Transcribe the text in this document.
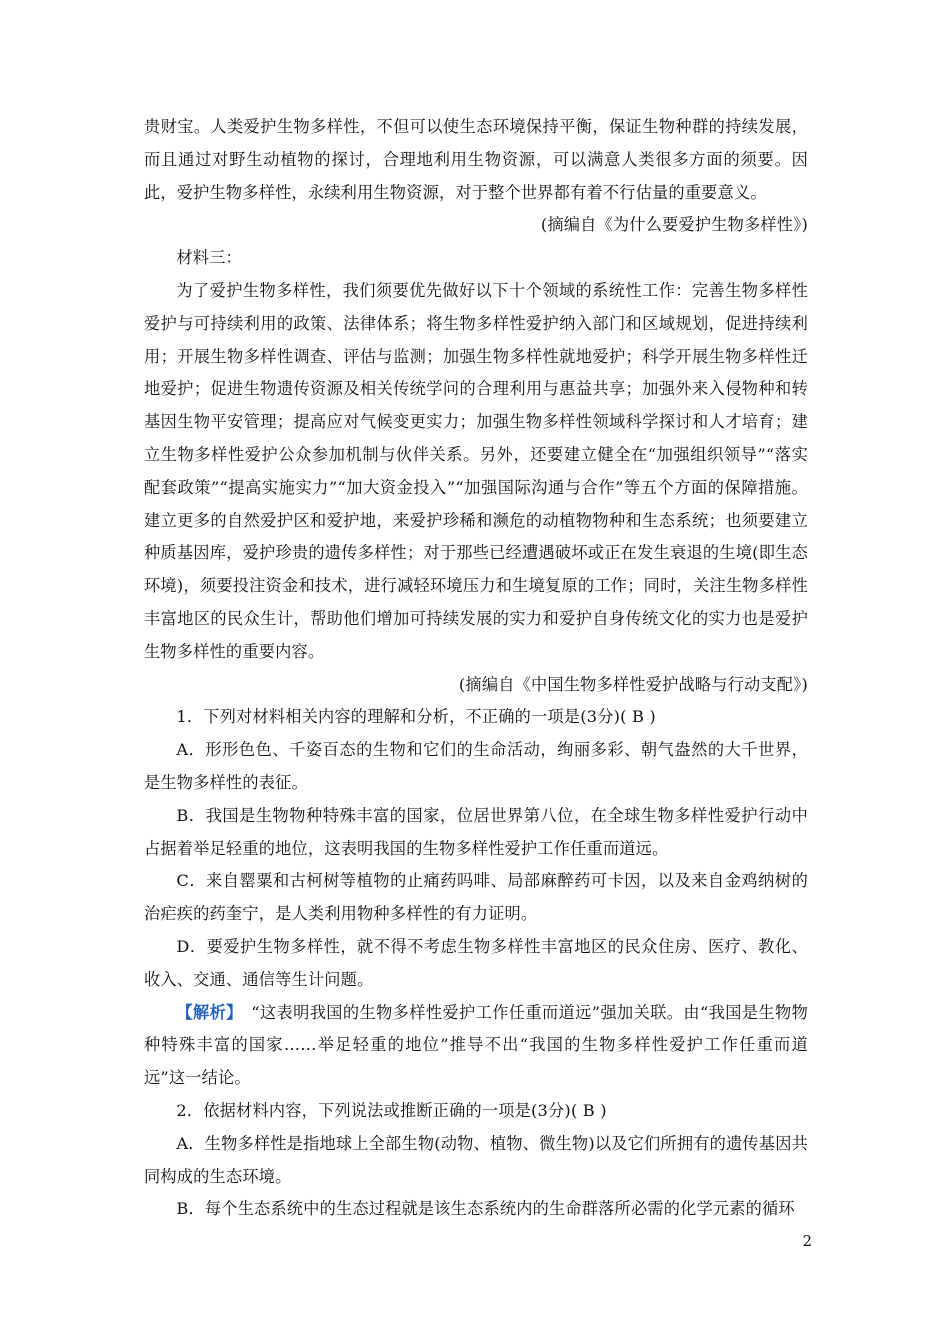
贵财宝。人类爱护生物多样性，不但可以使生态环境保持平衡，保证生物种群的持续发展，而且通过对野生动植物的探讨，合理地利用生物资源，可以满意人类很多方面的须要。因此，爱护生物多样性，永续利用生物资源，对于整个世界都有着不行估量的重要意义。

(摘编自《为什么要爱护生物多样性》)

材料三：

为了爱护生物多样性，我们须要优先做好以下十个领域的系统性工作：完善生物多样性爱护与可持续利用的政策、法律体系；将生物多样性爱护纳入部门和区域规划，促进持续利用；开展生物多样性调查、评估与监测；加强生物多样性就地爱护；科学开展生物多样性迁地爱护；促进生物遗传资源及相关传统学问的合理利用与惠益共享；加强外来入侵物种和转基因生物平安管理；提高应对气候变更实力；加强生物多样性领域科学探讨和人才培育；建立生物多样性爱护公众参加机制与伙伴关系。另外，还要建立健全在“加强组织领导”“落实配套政策”“提高实施实力”“加大资金投入”“加强国际沟通与合作”等五个方面的保障措施。建立更多的自然爱护区和爱护地，来爱护珍稀和濒危的动植物物种和生态系统；也须要建立种质基因库，爱护珍贵的遗传多样性；对于那些已经遭遇破坏或正在发生衰退的生境(即生态环境)，须要投注资金和技术，进行减轻环境压力和生境复原的工作；同时，关注生物多样性丰富地区的民众生计，帮助他们增加可持续发展的实力和爱护自身传统文化的实力也是爱护生物多样性的重要内容。

(摘编自《中国生物多样性爱护战略与行动支配》)

1．下列对材料相关内容的理解和分析，不正确的一项是(3分)( B )

A．形形色色、千姿百态的生物和它们的生命活动，绚丽多彩、朝气盎然的大千世界，是生物多样性的表征。

B．我国是生物物种特殊丰富的国家，位居世界第八位，在全球生物多样性爱护行动中占据着举足轻重的地位，这表明我国的生物多样性爱护工作任重而道远。

C．来自罂粟和古柯树等植物的止痛药吗啡、局部麻醉药可卡因，以及来自金鸡纳树的治疟疾的药奎宁，是人类利用物种多样性的有力证明。

D．要爱护生物多样性，就不得不考虑生物多样性丰富地区的民众住房、医疗、教化、收入、交通、通信等生计问题。

【解析】　 “这表明我国的生物多样性爱护工作任重而道远”强加关联。由“我国是生物物种特殊丰富的国家……举足轻重的地位”推导不出“我国的生物多样性爱护工作任重而道远”这一结论。

2．依据材料内容，下列说法或推断正确的一项是(3分)( B )

A．生物多样性是指地球上全部生物(动物、植物、微生物)以及它们所拥有的遗传基因共同构成的生态环境。

B．每个生态系统中的生态过程就是该生态系统内的生命群落所必需的化学元素的循环

2
